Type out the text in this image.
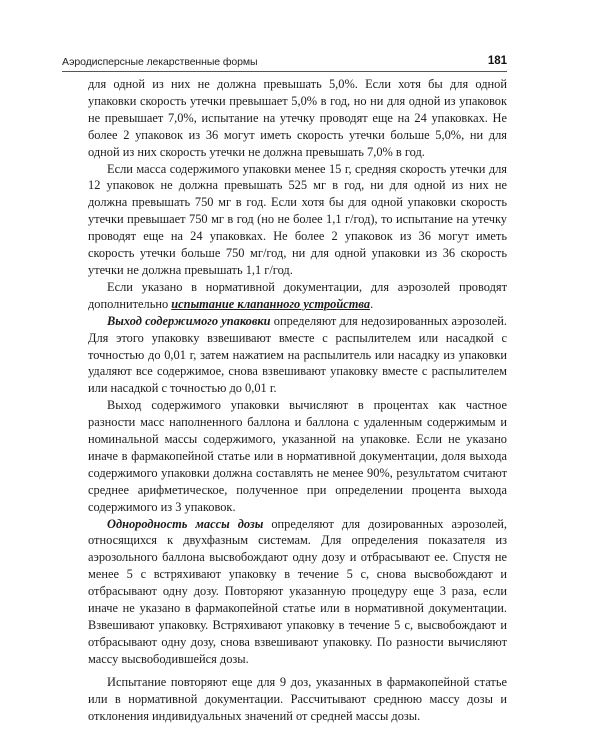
Аэродисперсные лекарственные формы	181

для одной из них не должна превышать 5,0%. Если хотя бы для одной упаковки скорость утечки превышает 5,0% в год, но ни для одной из упаковок не превышает 7,0%, испытание на утечку проводят еще на 24 упаковках. Не более 2 упаковок из 36 могут иметь скорость утечки больше 5,0%, ни для одной из них скорость утечки не должна превышать 7,0% в год.

Если масса содержимого упаковки менее 15 г, средняя скорость утечки для 12 упаковок не должна превышать 525 мг в год, ни для одной из них не должна превышать 750 мг в год. Если хотя бы для одной упаковки скорость утечки превышает 750 мг в год (но не более 1,1 г/год), то испытание на утечку проводят еще на 24 упаковках. Не более 2 упаковок из 36 могут иметь скорость утечки больше 750 мг/год, ни для одной упаковки из 36 скорость утечки не должна превышать 1,1 г/год.

Если указано в нормативной документации, для аэрозолей проводят дополнительно испытание клапанного устройства.

Выход содержимого упаковки определяют для недозированных аэрозолей. Для этого упаковку взвешивают вместе с распылителем или насадкой с точностью до 0,01 г, затем нажатием на распылитель или насадку из упаковки удаляют все содержимое, снова взвешивают упаковку вместе с распылителем или насадкой с точностью до 0,01 г.

Выход содержимого упаковки вычисляют в процентах как частное разности масс наполненного баллона и баллона с удаленным содержимым и номинальной массы содержимого, указанной на упаковке. Если не указано иначе в фармакопейной статье или в нормативной документации, доля выхода содержимого упаковки должна составлять не менее 90%, результатом считают среднее арифметическое, полученное при определении процента выхода содержимого из 3 упаковок.

Однородность массы дозы определяют для дозированных аэрозолей, относящихся к двухфазным системам. Для определения показателя из аэрозольного баллона высвобождают одну дозу и отбрасывают ее. Спустя не менее 5 с встряхивают упаковку в течение 5 с, снова высвобождают и отбрасывают одну дозу. Повторяют указанную процедуру еще 3 раза, если иначе не указано в фармакопейной статье или в нормативной документации. Взвешивают упаковку. Встряхивают упаковку в течение 5 с, высвобождают и отбрасывают одну дозу, снова взвешивают упаковку. По разности вычисляют массу высвободившейся дозы.

Испытание повторяют еще для 9 доз, указанных в фармакопейной статье или в нормативной документации. Рассчитывают среднюю массу дозы и отклонения индивидуальных значений от средней массы дозы.
